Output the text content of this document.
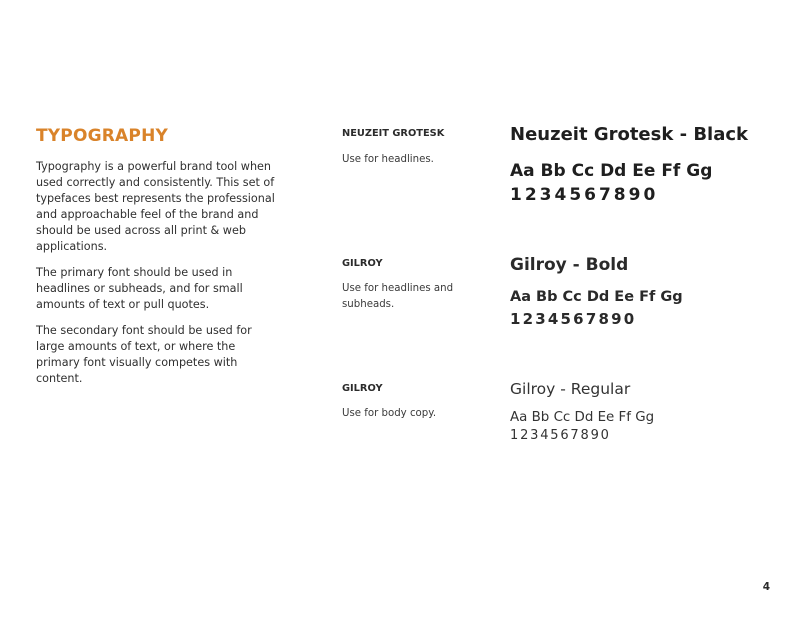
TYPOGRAPHY

Typography is a powerful brand tool when used correctly and consistently. This set of typefaces best represents the professional and approachable feel of the brand and should be used across all print & web applications.

The primary font should be used in headlines or subheads, and for small amounts of text or pull quotes.

The secondary font should be used for large amounts of text, or where the primary font visually competes with content.

NEUZEIT GROTESK

Use for headlines.

Neuzeit Grotesk - Black

Aa Bb Cc Dd Ee Ff Gg

1234567890

GILROY

Use for headlines and subheads.

Gilroy - Bold

Aa Bb Cc Dd Ee Ff Gg

1234567890

GILROY

Use for body copy.

Gilroy - Regular

Aa Bb Cc Dd Ee Ff Gg

1234567890

4
